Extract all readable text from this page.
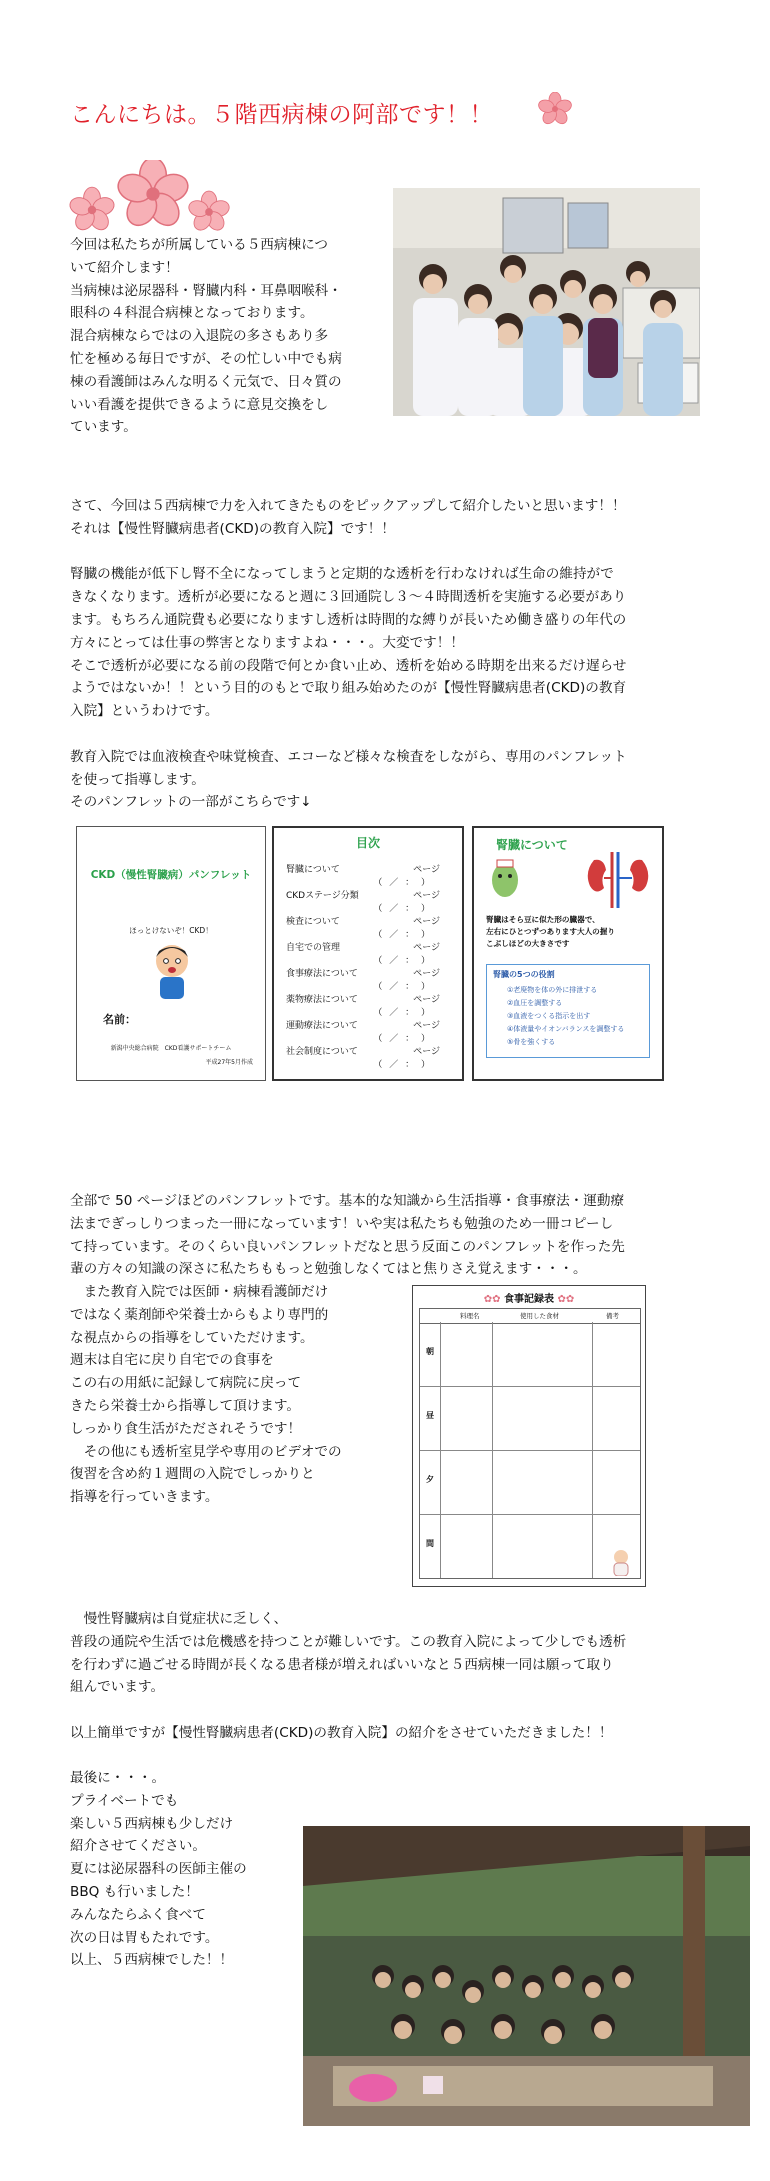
こんにちは。５階西病棟の阿部です！！

今回は私たちが所属している５西病棟につ

いて紹介します！

当病棟は泌尿器科・腎臓内科・耳鼻咽喉科・

眼科の４科混合病棟となっております。

混合病棟ならではの入退院の多さもあり多

忙を極める毎日ですが、その忙しい中でも病

棟の看護師はみんな明るく元気で、日々質の

いい看護を提供できるように意見交換をし

ています。

さて、今回は５西病棟で力を入れてきたものをピックアップして紹介したいと思います！！

それは【慢性腎臓病患者(CKD)の教育入院】です！！

腎臓の機能が低下し腎不全になってしまうと定期的な透析を行わなければ生命の維持がで

きなくなります。透析が必要になると週に３回通院し３～４時間透析を実施する必要があり

ます。もちろん通院費も必要になりますし透析は時間的な縛りが長いため働き盛りの年代の

方々にとっては仕事の弊害となりますよね・・・。大変です！！

そこで透析が必要になる前の段階で何とか食い止め、透析を始める時期を出来るだけ遅らせ

ようではないか！！という目的のもとで取り組み始めたのが【慢性腎臓病患者(CKD)の教育

入院】というわけです。

教育入院では血液検査や味覚検査、エコーなど様々な検査をしながら、専用のパンフレット

を使って指導します。

そのパンフレットの一部がこちらです↓

CKD（慢性腎臓病）パンフレット
ほっとけないぞ！CKD！
名前：
新潟中央総合病院　CKD看護サポートチーム
平成27年5月作成
目次
腎臓について	ページ
（ ／ ： ）
CKDステージ分類	ページ
（ ／ ： ）
検査について	ページ
（ ／ ： ）
自宅での管理	ページ
（ ／ ： ）
食事療法について	ページ
（ ／ ： ）
薬物療法について	ページ
（ ／ ： ）
運動療法について	ページ
（ ／ ： ）
社会制度について	ページ
（ ／ ： ）
腎臓について
腎臓はそら豆に似た形の臓器で、
左右にひとつずつあります大人の握り
こぶしほどの大きさです
腎臓の5つの役割
①老廃物を体の外に排泄する
②血圧を調整する
③血液をつくる指示を出す
④体液量やイオンバランスを調整する
⑤骨を強くする

全部で 50 ページほどのパンフレットです。基本的な知識から生活指導・食事療法・運動療

法までぎっしりつまった一冊になっています！いや実は私たちも勉強のため一冊コピーし

て持っています。そのくらい良いパンフレットだなと思う反面このパンフレットを作った先

輩の方々の知識の深さに私たちももっと勉強しなくてはと焦りさえ覚えます・・・。

　また教育入院では医師・病棟看護師だけ

ではなく薬剤師や栄養士からもより専門的

な視点からの指導をしていただけます。

週末は自宅に戻り自宅での食事を

この右の用紙に記録して病院に戻って

きたら栄養士から指導して頂けます。

しっかり食生活がただされそうです！

　その他にも透析室見学や専用のビデオでの

復習を含め約１週間の入院でしっかりと

指導を行っていきます。

✿✿ 食事記録表 ✿✿
料理名	使用した食材	備考
朝
昼
夕
間

　慢性腎臓病は自覚症状に乏しく、

普段の通院や生活では危機感を持つことが難しいです。この教育入院によって少しでも透析

を行わずに過ごせる時間が長くなる患者様が増えればいいなと５西病棟一同は願って取り

組んでいます。

以上簡単ですが【慢性腎臓病患者(CKD)の教育入院】の紹介をさせていただきました！！

最後に・・・。

プライベートでも

楽しい５西病棟も少しだけ

紹介させてください。

夏には泌尿器科の医師主催の

BBQ も行いました！

みんなたらふく食べて

次の日は胃もたれです。

以上、５西病棟でした！！
